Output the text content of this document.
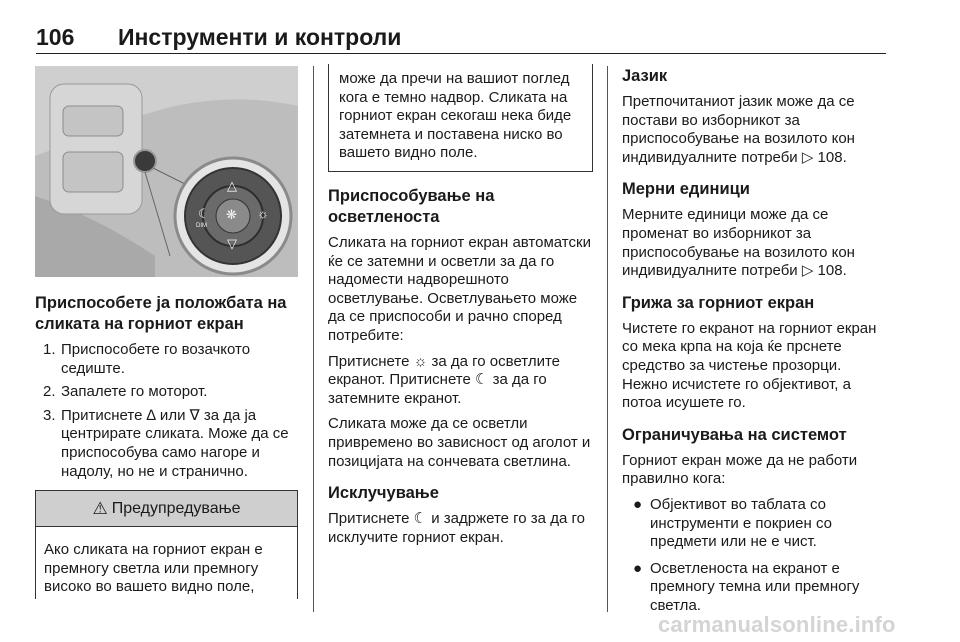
106 Инструменти и контроли
☾
DIM
❋ ☼
△
▽
Приспособете ја положбата на сликата на горниот екран
1. Приспособете го возачкото седиште.
2. Запалете го моторот.
3. Притиснете ∆ или ∇ за да ја центрирате сликата. Може да се приспособува само нагоре и надолу, но не и странично.
⚠ Предупредување
Ако сликата на горниот екран е премногу светла или премногу високо во вашето видно поле,
може да пречи на вашиот поглед кога е темно надвор. Сликата на горниот екран секогаш нека биде затемнета и поставена ниско во вашето видно поле.
Приспособување на осветленоста

Сликата на горниот екран автоматски ќе се затемни и осветли за да го надомести надворешното осветлување. Осветлувањето може да се приспособи и рачно според потребите:

Притиснете ☼ за да го осветлите екранот. Притиснете ☾ за да го затемните екранот.

Сликата може да се осветли привремено во зависност од аголот и позицијата на сончевата светлина.

Исклучување

Притиснете ☾ и задржете го за да го исклучите горниот екран.

Јазик

Претпочитаниот јазик може да се постави во изборникот за приспособување на возилото кон индивидуалните потреби ▷ 108.

Мерни единици

Мерните единици може да се променат во изборникот за приспособување на возилото кон индивидуалните потреби ▷ 108.

Грижа за горниот екран

Чистете го екранот на горниот екран со мека крпа на која ќе прснете средство за чистење прозорци. Нежно исчистете го објективот, а потоа исушете го.

Ограничувања на системот

Горниот екран може да не работи правилно кога:

● Објективот во таблата со инструменти е покриен со предмети или не е чист.
● Осветленоста на екранот е премногу темна или премногу светла.
carmanualsonline.info
